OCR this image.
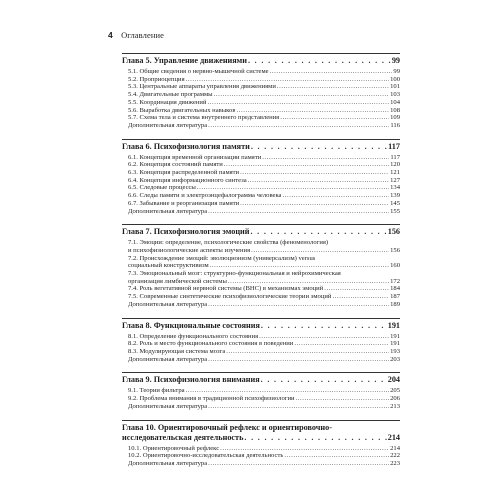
4 Оглавление
Глава 5. Управление движениями . . .	99
5.1. Общие сведения о нервно-мышечной системе .....	99
5.2. Проприоцепция .....	100
5.3. Центральные аппараты управления движениями .....	101
5.4. Двигательные программы .....	103
5.5. Координация движений .....	104
5.6. Выработка двигательных навыков .....	108
5.7. Схема тела и система внутреннего представления .....	109
Дополнительная литература .....	116
Глава 6. Психофизиология памяти . . .	117
6.1. Концепция временной организации памяти .....	117
6.2. Концепция состояний памяти .....	120
6.3. Концепция распределенной памяти .....	121
6.4. Концепция информационного синтеза .....	127
6.5. Следовые процессы .....	134
6.6. Следы памяти и электроэнцефалограмма человека .....	139
6.7. Забывание и реорганизация памяти .....	145
Дополнительная литература .....	155
Глава 7. Психофизиология эмоций . . .	156
7.1. Эмоции: определение, психологические свойства (феноменология)
и психофизиологические аспекты изучения .....	156
7.2. Происхождение эмоций: эволюционизм (универсализм) versus
социальный конструктивизм .....	160
7.3. Эмоциональный мозг: структурно-функциональная и нейрохимическая
организация лимбической системы .....	172
7.4. Роль вегетативной нервной системы (ВНС) в механизмах эмоций .....	184
7.5. Современные синтетические психофизиологические теории эмоций .....	187
Дополнительная литература .....	189
Глава 8. Функциональные состояния . . .	191
8.1. Определение функционального состояния .....	191
8.2. Роль и место функционального состояния в поведении .....	191
8.3. Модулирующая система мозга .....	193
Дополнительная литература .....	203
Глава 9. Психофизиология внимания . . .	204
9.1. Теории фильтра .....	205
9.2. Проблема внимания в традиционной психофизиологии .....	206
Дополнительная литература .....	213
Глава 10. Ориентировочный рефлекс и ориентировочно-
исследовательская деятельность . . .	214
10.1. Ориентировочный рефлекс .....	214
10.2. Ориентировочно-исследовательская деятельность .....	222
Дополнительная литература .....	223
